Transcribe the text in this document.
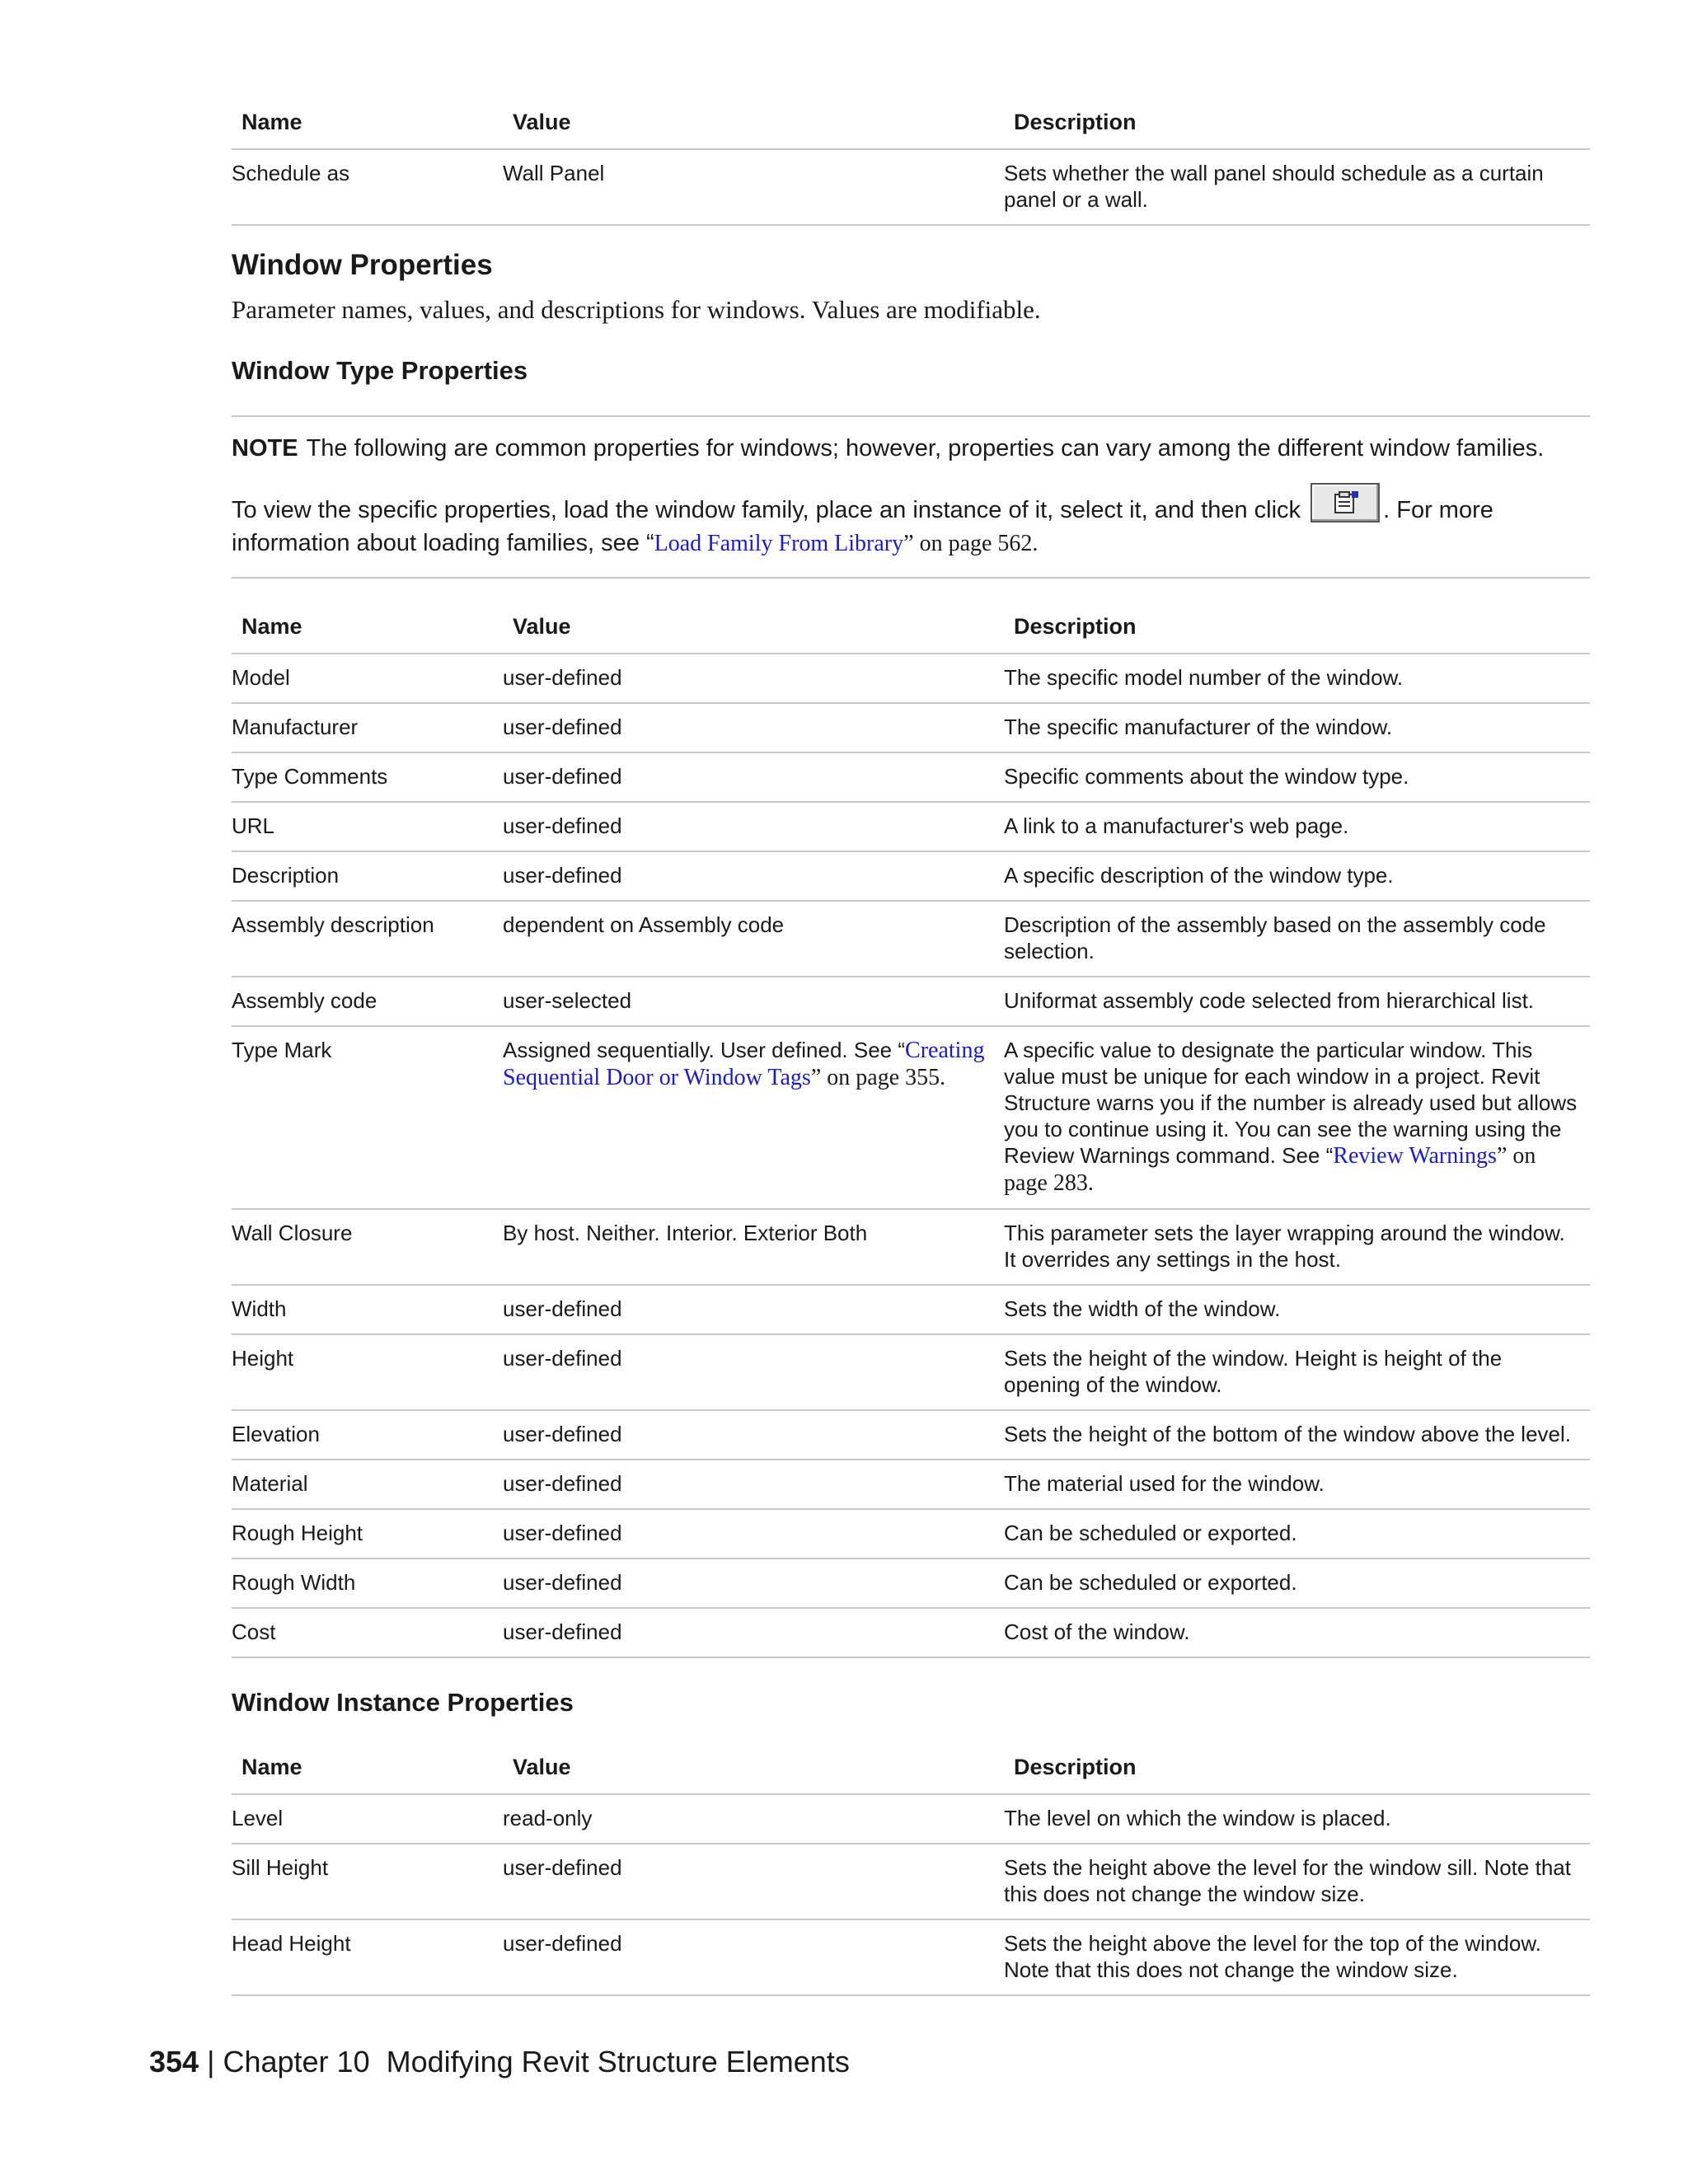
Name	Value	Description
Schedule as	Wall Panel	Sets whether the wall panel should schedule as a curtain panel or a wall.
Window Properties

Parameter names, values, and descriptions for windows. Values are modifiable.

Window Type Properties

NOTE The following are common properties for windows; however, properties can vary among the different window families.

To view the specific properties, load the window family, place an instance of it, select it, and then click	. For more information about loading families, see “Load Family From Library” on page 562.

Name	Value	Description
Model	user-defined	The specific model number of the window.
Manufacturer	user-defined	The specific manufacturer of the window.
Type Comments	user-defined	Specific comments about the window type.
URL	user-defined	A link to a manufacturer's web page.
Description	user-defined	A specific description of the window type.
Assembly description	dependent on Assembly code	Description of the assembly based on the assembly code selection.
Assembly code	user-selected	Uniformat assembly code selected from hierarchical list.
Type Mark	Assigned sequentially. User defined. See “Creating Sequential Door or Window Tags” on page 355.	A specific value to designate the particular window. This value must be unique for each window in a project. Revit Structure warns you if the number is already used but allows you to continue using it. You can see the warning using the Review Warnings command. See “Review Warnings” on page 283.
Wall Closure	By host. Neither. Interior. Exterior Both	This parameter sets the layer wrapping around the window. It overrides any settings in the host.
Width	user-defined	Sets the width of the window.
Height	user-defined	Sets the height of the window. Height is height of the opening of the window.
Elevation	user-defined	Sets the height of the bottom of the window above the level.
Material	user-defined	The material used for the window.
Rough Height	user-defined	Can be scheduled or exported.
Rough Width	user-defined	Can be scheduled or exported.
Cost	user-defined	Cost of the window.
Window Instance Properties
Name	Value	Description
Level	read-only	The level on which the window is placed.
Sill Height	user-defined	Sets the height above the level for the window sill. Note that this does not change the window size.
Head Height	user-defined	Sets the height above the level for the top of the window. Note that this does not change the window size.
354 | Chapter 10 Modifying Revit Structure Elements
